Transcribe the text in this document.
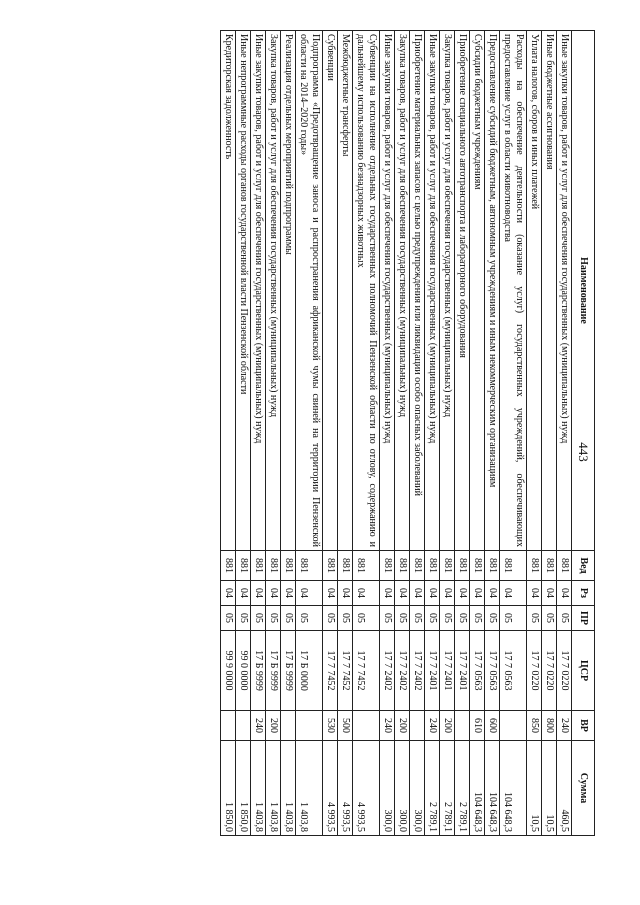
443
Наименование	Вед	Рз	ПР	ЦСР	ВР	Сумма
Иные закупки товаров, работ и услуг для обеспечения государственных (муниципальных) нужд	881	04	05	17 7 0220	240	460,5
Иные бюджетные ассигнования	881	04	05	17 7 0220	800	10,5
Уплата налогов, сборов и иных платежей	881	04	05	17 7 0220	850	10,5
Расходы на обеспечение деятельности (оказание услуг) государственных учреждений, обеспечивающих предоставление услуг в области животноводства	881	04	05	17 7 0563		104 648,3
Предоставление субсидий бюджетным, автономным учреждениям и иным некоммерческим организациям	881	04	05	17 7 0563	600	104 648,3
Субсидии бюджетным учреждениям	881	04	05	17 7 0563	610	104 648,3
Приобретение специального автотранспорта и лабораторного оборудования	881	04	05	17 7 2401		2 789,1
Закупка товаров, работ и услуг для обеспечения государственных (муниципальных) нужд	881	04	05	17 7 2401	200	2 789,1
Иные закупки товаров, работ и услуг для обеспечения государственных (муниципальных) нужд	881	04	05	17 7 2401	240	2 789,1
Приобретение материальных запасов с целью предупреждения или ликвидации особо опасных заболеваний	881	04	05	17 7 2402		300,0
Закупка товаров, работ и услуг для обеспечения государственных (муниципальных) нужд	881	04	05	17 7 2402	200	300,0
Иные закупки товаров, работ и услуг для обеспечения государственных (муниципальных) нужд	881	04	05	17 7 2402	240	300,0
Субвенции на исполнение отдельных государственных полномочий Пензенской области по отлову, содержанию и дальнейшему использованию безнадзорных животных	881	04	05	17 7 7452		4 993,5
Межбюджетные трансферты	881	04	05	17 7 7452	500	4 993,5
Субвенции	881	04	05	17 7 7452	530	4 993,5
Подпрограмма «Предотвращение заноса и распространения африканской чумы свиней на территории Пензенской области на 2014–2020 годы»	881	04	05	17 Б 0000		1 403,8
Реализация отдельных мероприятий подпрограммы	881	04	05	17 Б 9999		1 403,8
Закупка товаров, работ и услуг для обеспечения государственных (муниципальных) нужд	881	04	05	17 Б 9999	200	1 403,8
Иные закупки товаров, работ и услуг для обеспечения государственных (муниципальных) нужд	881	04	05	17 Б 9999	240	1 403,8
Иные непрограммные расходы органов государственной власти Пензенской области	881	04	05	99 0 0000		1 850,0
Кредиторская задолженность	881	04	05	99 9 0000		1 850,0
